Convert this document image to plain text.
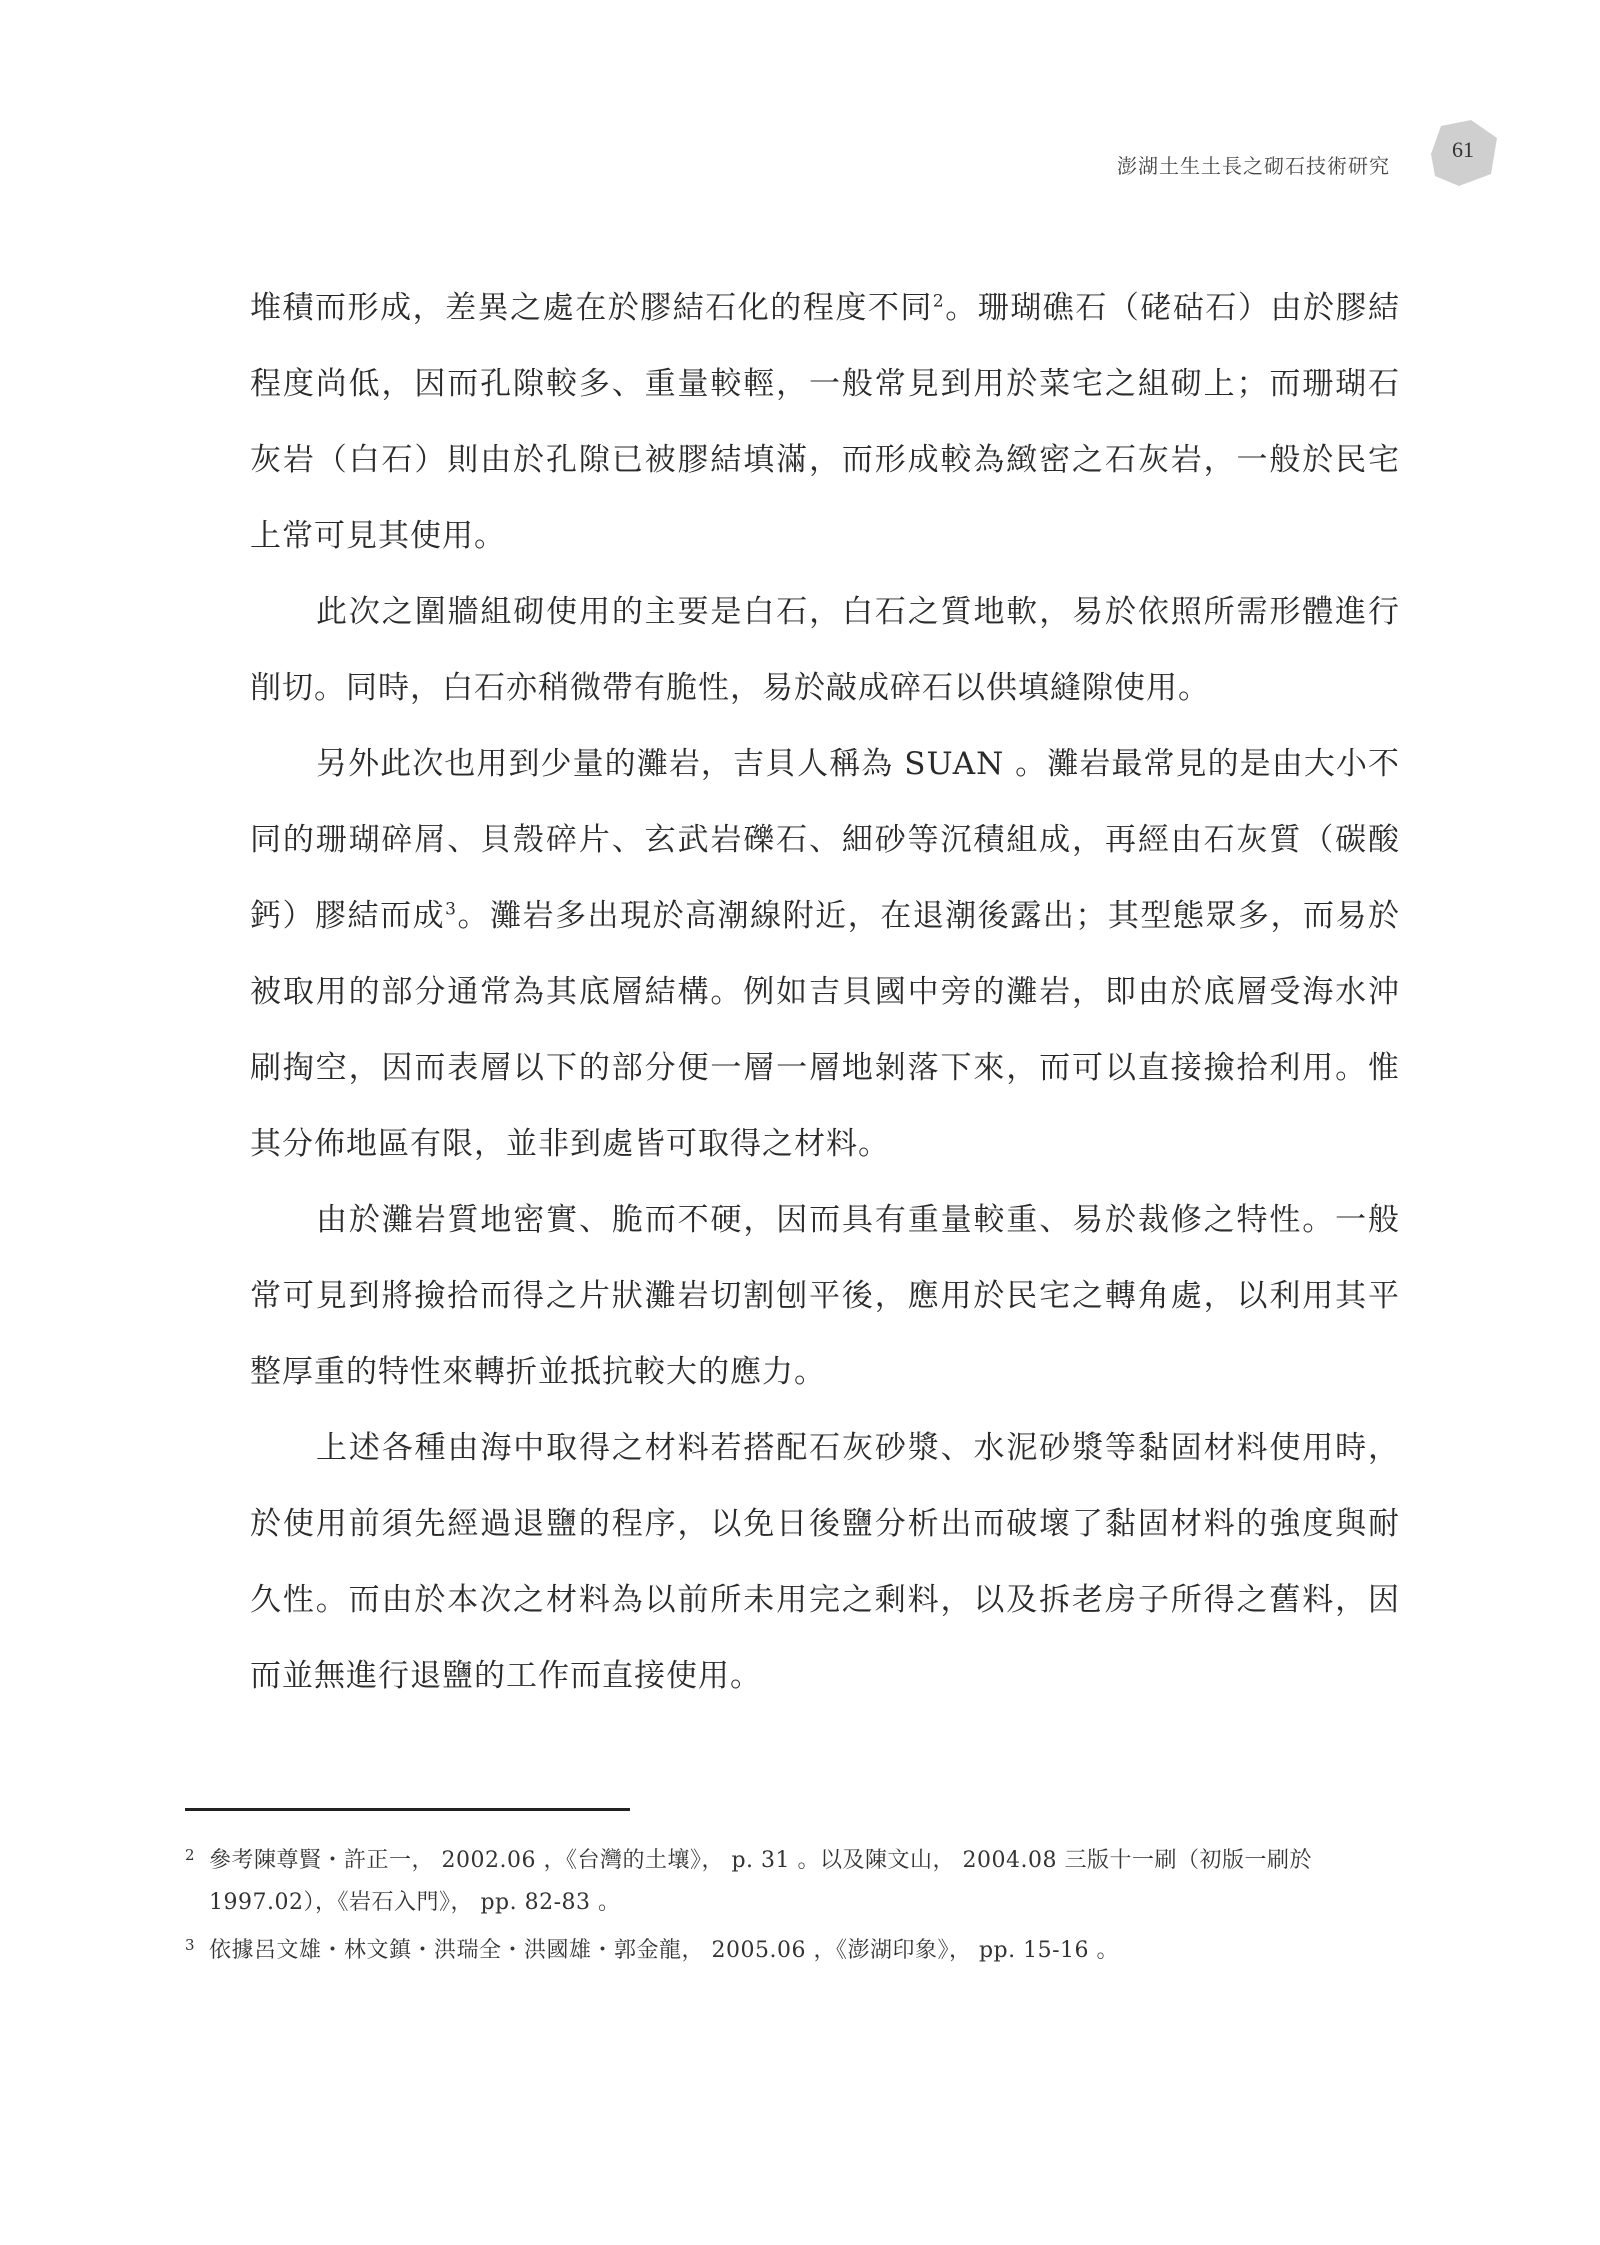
澎湖土生土長之砌石技術研究
61

堆積而形成，差異之處在於膠結石化的程度不同$^2$。珊瑚礁石（硓𥑮石）由於膠結程度尚低，因而孔隙較多、重量較輕，一般常見到用於菜宅之組砌上；而珊瑚石灰岩（白石）則由於孔隙已被膠結填滿，而形成較為緻密之石灰岩，一般於民宅上常可見其使用。

此次之圍牆組砌使用的主要是白石，白石之質地軟，易於依照所需形體進行削切。同時，白石亦稍微帶有脆性，易於敲成碎石以供填縫隙使用。

另外此次也用到少量的灘岩，吉貝人稱為 SUAN 。灘岩最常見的是由大小不同的珊瑚碎屑、貝殼碎片、玄武岩礫石、細砂等沉積組成，再經由石灰質（碳酸鈣）膠結而成$^3$。灘岩多出現於高潮線附近，在退潮後露出；其型態眾多，而易於被取用的部分通常為其底層結構。例如吉貝國中旁的灘岩，即由於底層受海水沖刷掏空，因而表層以下的部分便一層一層地剝落下來，而可以直接撿拾利用。惟其分佈地區有限，並非到處皆可取得之材料。

由於灘岩質地密實、脆而不硬，因而具有重量較重、易於裁修之特性。一般常可見到將撿拾而得之片狀灘岩切割刨平後，應用於民宅之轉角處，以利用其平整厚重的特性來轉折並抵抗較大的應力。

上述各種由海中取得之材料若搭配石灰砂漿、水泥砂漿等黏固材料使用時，於使用前須先經過退鹽的程序，以免日後鹽分析出而破壞了黏固材料的強度與耐久性。而由於本次之材料為以前所未用完之剩料，以及拆老房子所得之舊料，因而並無進行退鹽的工作而直接使用。

2 參考陳尊賢・許正一， 2002.06 ，《台灣的土壤》， p. 31 。以及陳文山， 2004.08 三版十一刷（初版一刷於 1997.02），《岩石入門》， pp. 82-83 。

3 依據呂文雄・林文鎮・洪瑞全・洪國雄・郭金龍， 2005.06 ，《澎湖印象》， pp. 15-16 。
